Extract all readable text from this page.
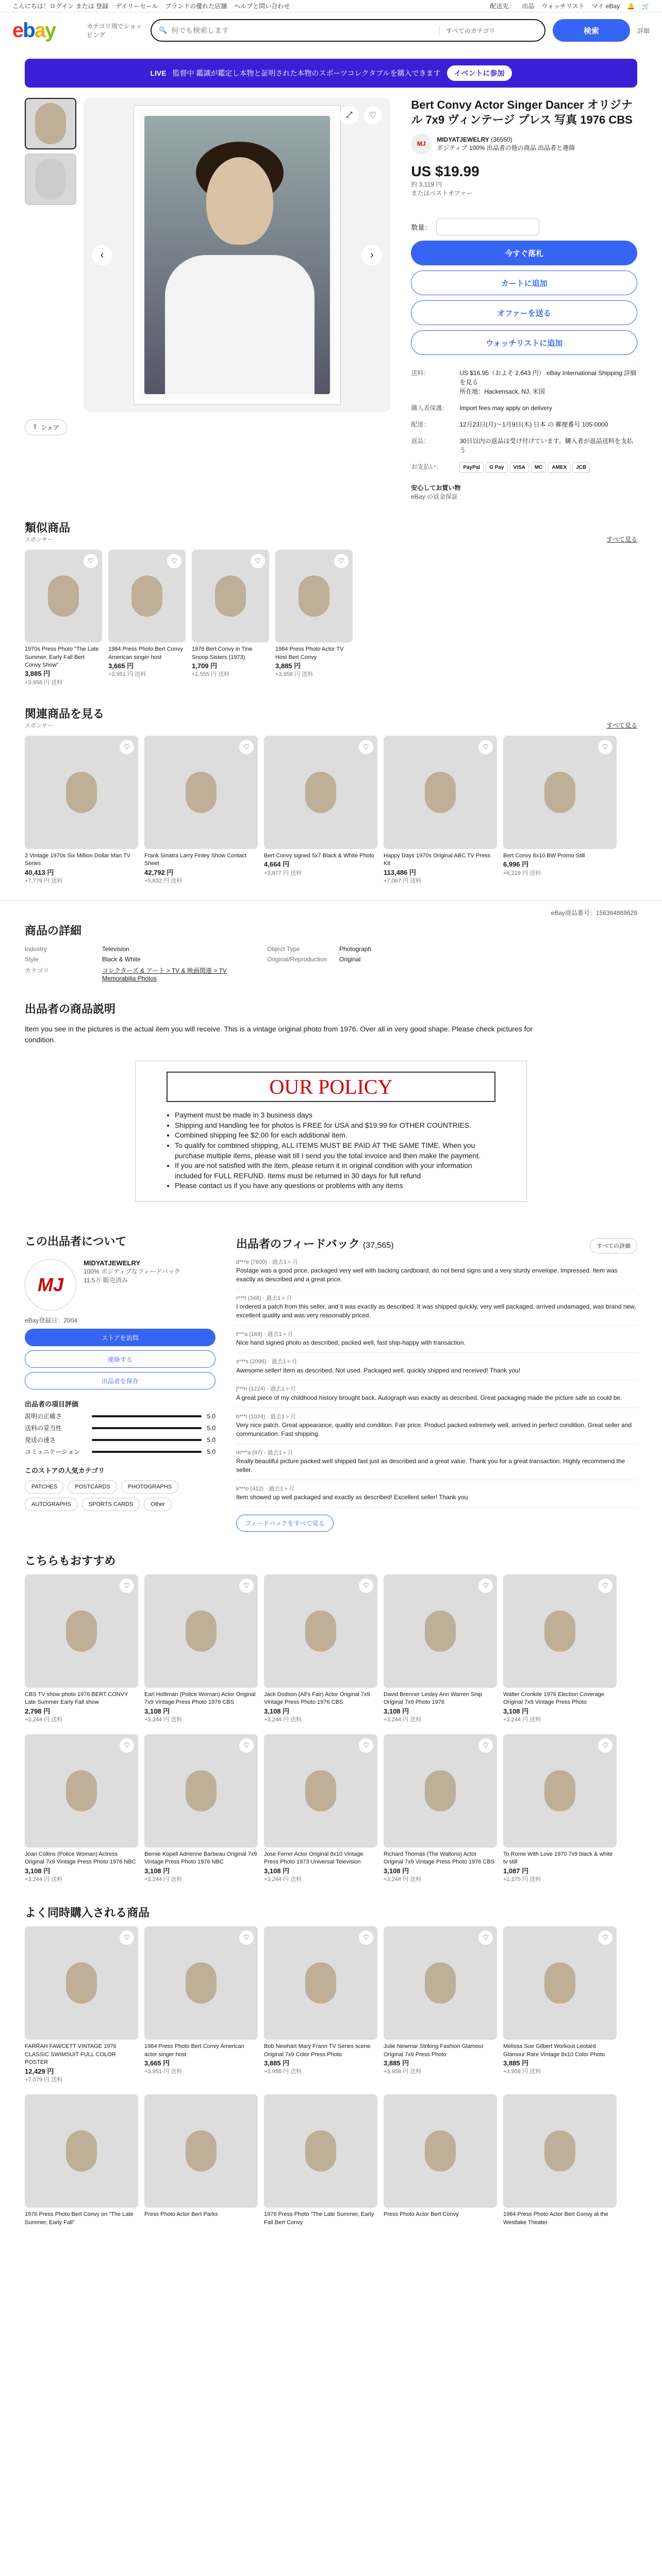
こんにちは！ログイン または 登録 デイリーセール ブランドの優れた店舗 ヘルプと問い合わせ	配送先： 出品 ウォッチリスト マイ eBay 🔔 🛒
ebay	カテゴリ別でショッピング
🔍
何でも検索します	すべてのカテゴリ	検索	詳細
LIVE 監督中 鑑識が鑑定し本物と証明された本物のスポーツコレクタブルを購入できます	イベントに参加
‹	›
⤢	♡
⇪ シェア
Bert Convy Actor Singer Dancer オリジナル 7x9 ヴィンテージ プレス 写真 1976 CBS
MJ
MIDYATJEWELRY (36550)
ポジティブ 100% 出品者の他の商品 出品者と連絡
US $19.99
約 3,119 円
またはベストオファー
数量：
今すぐ落札
カートに追加
オファーを送る
ウォッチリストに追加
送料：	US $16.95（およそ 2,643 円） eBay International Shipping 詳細を見る
所在地：Hackensack, NJ, 米国
購入者保護：	Import fees may apply on delivery
配達：	12月23日(月)〜1月9日(木) 日本 の 郵便番号 105-0000
返品：	30日以内の返品は受け付けています。購入者が返品送料を支払う
お支払い：	PayPal	G Pay	VISA	MC	AMEX	JCB
安心してお買い物
eBay の返金保証
類似商品
スポンサー	すべて見る
♡
1970s Press Photo "The Late Summer, Early Fall Bert Convy Show"
3,885 円
+3,958 円 送料
♡
1984 Press Photo Bert Convy American singer host
3,665 円
+3,951 円 送料
♡
1976 Bert Convy in Tine Snoop Sisters (1973)
1,709 円
+1,555 円 送料
♡
1984 Press Photo Actor TV Host Bert Convy
3,885 円
+3,958 円 送料
関連商品を見る
スポンサー	すべて見る
♡
2 Vintage 1970s Six Million Dollar Man TV Series
40,413 円
+7,779 円 送料
♡
Frank Sinatra Larry Finley Show Contact Sheet
42,792 円
+5,832 円 送料
♡
Bert Convy signed 5x7 Black & White Photo
4,664 円
+3,877 円 送料
♡
Happy Days 1970s Original ABC TV Press Kit
113,486 円
+7,067 円 送料
♡
Bert Convy 8x10 BW Promo Still
6,996 円
+6,219 円 送料
eBay商品番号：156364869629
商品の詳細
Industry	Television	Object Type	Photograph
Style	Black & White	Original/Reproduction	Original
カテゴリ	コレクターズ & アート > TV & 映画関連 > TV Memorabilia Photos
出品者の商品説明

Item you see in the pictures is the actual item you will receive. This is a vintage original photo from 1976. Over all in very good shape. Please check pictures for condition.

OUR POLICY
• Payment must be made in 3 business days
• Shipping and Handling fee for photos is FREE for USA and $19.99 for OTHER COUNTRIES.
• Combined shipping fee $2.00 for each additional item.
• To qualify for combined shipping, ALL ITEMS MUST BE PAID AT THE SAME TIME. When you purchase multiple items, please wait till I send you the total invoice and then make the payment.
• If you are not satisfied with the item, please return it in original condition with your information included for FULL REFUND. Items must be returned in 30 days for full refund
• Please contact us if you have any questions or problems with any items
この出品者について
MJ
MIDYATJEWELRY
100% ポジティブなフィードバック
11.5万 販売済み
eBay登録日：2004
ストアを訪問
連絡する
出品者を保存
出品者の項目評価
説明の正確さ	5.0
送料の妥当性	5.0
発送の速さ	5.0
コミュニケーション	5.0
このストアの人気カテゴリ
PATCHES	POSTCARDS	PHOTOGRAPHS
AUTOGRAPHS	SPORTS CARDS	Other
出品者のフィードバック (37,565)	すべての評価
d***e (7600) · 過去1ヶ月
Postage was a good price, packaged very well with backing cardboard, do not bend signs and a very sturdy envelope. Impressed. Item was exactly as described and a great price.
r***t (348) · 過去1ヶ月
I ordered a patch from this seller, and it was exactly as described. It was shipped quickly, very well packaged, arrived undamaged, was brand new, excellent quality and was very reasonably priced.
t***a (169) · 過去1ヶ月
Nice hand signed photo as described, packed well, fast ship-happy with transaction.
s***s (2096) · 過去1ヶ月
Awesome seller! Item as described. Not used. Packaged well, quickly shipped and received! Thank you!
j***n (1224) · 過去1ヶ月
A great piece of my childhood history brought back. Autograph was exactly as described. Great packaging made the picture safe as could be.
b***i (1024) · 過去1ヶ月
Very nice patch. Great appearance, quality and condition. Fair price. Product packed extremely well, arrived in perfect condition. Great seller and communication. Fast shipping.
m***a (97) · 過去1ヶ月
Really beautiful picture packed well shipped fast just as described and a great value. Thank you for a great transaction. Highly recommend the seller.
k***o (412) · 過去1ヶ月
Item showed up well packaged and exactly as described! Excellent seller! Thank you
フィードバックをすべて見る
こちらもおすすめ
♡
CBS TV show photo 1976 BERT CONVY Late Summer Early Fall show
2,798 円
+3,244 円 送料
♡
Earl Holliman (Police Woman) Actor Original 7x9 Vintage Press Photo 1976 CBS
3,108 円
+3,244 円 送料
♡
Jack Dodson (All's Fair) Actor Original 7x9 Vintage Press Photo 1976 CBS
3,108 円
+3,244 円 送料
♡
David Brenner Lesley Ann Warren Snip Original 7x9 Photo 1976
3,108 円
+3,244 円 送料
♡
Walter Cronkite 1976 Election Coverage Original 7x9 Vintage Press Photo
3,108 円
+3,244 円 送料
♡
Joan Collins (Police Woman) Actress Original 7x9 Vintage Press Photo 1976 NBC
3,108 円
+3,244 円 送料
♡
Bernie Kopell Adrienne Barbeau Original 7x9 Vintage Press Photo 1976 NBC
3,108 円
+3,244 円 送料
♡
Jose Ferrer Actor Original 8x10 Vintage Press Photo 1973 Universal Television
3,108 円
+3,244 円 送料
♡
Richard Thomas (The Waltons) Actor Original 7x9 Vintage Press Photo 1976 CBS
3,108 円
+3,244 円 送料
♡
To Rome With Love 1970 7x9 black & white tv still
1,087 円
+2,175 円 送料
よく同時購入される商品
♡
FARRAH FAWCETT VINTAGE 1976 CLASSIC SWIMSUIT FULL COLOR POSTER
12,429 円
+7,079 円 送料
♡
1984 Press Photo Bert Convy American actor singer host
3,665 円
+3,951 円 送料
♡
Bob Newhart Mary Frann TV Series scene Original 7x9 Color Press Photo
3,885 円
+3,958 円 送料
♡
Julie Newmar Striking Fashion Glamour Original 7x9 Press Photo
3,885 円
+3,958 円 送料
♡
Melissa Sue Gilbert Workout Leotard Glamour Rare Vintage 8x10 Color Photo
3,885 円
+3,958 円 送料
1976 Press Photo Bert Convy on "The Late Summer, Early Fall"
Press Photo Actor Bert Parks	1976 Press Photo "The Late Summer, Early Fall Bert Convy
Press Photo Actor Bert Convy	1984 Press Photo Actor Bert Convy at the Westlake Theater
